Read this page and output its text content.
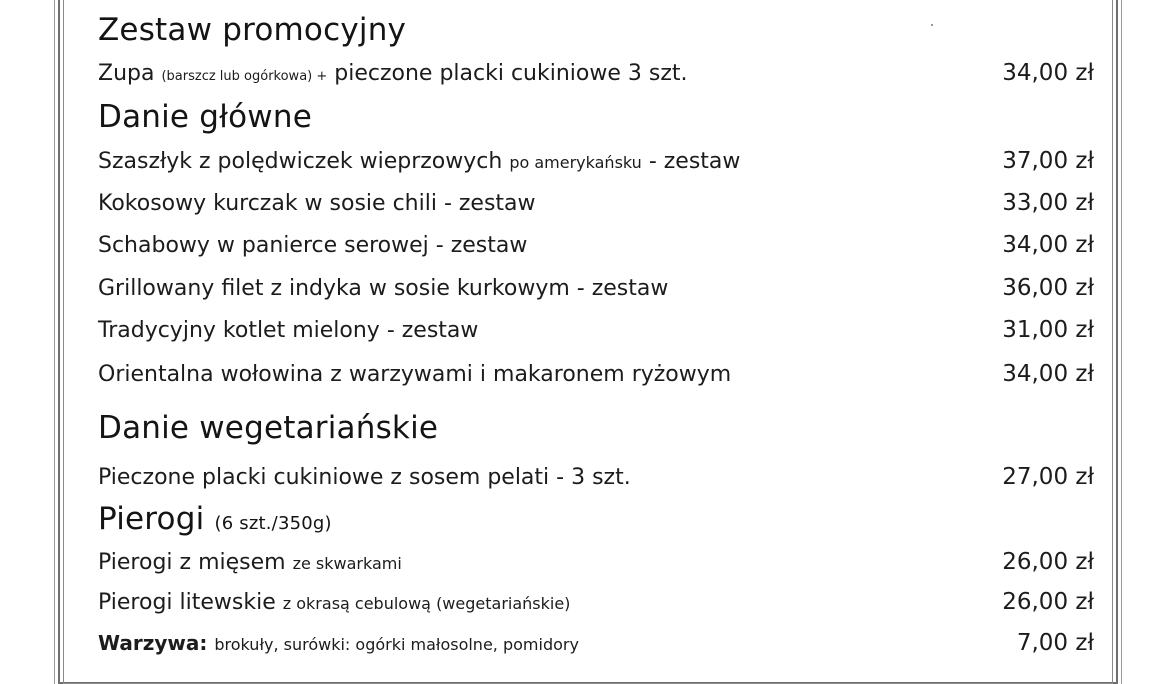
Zestaw promocyjny
Zupa (barszcz lub ogórkowa) + pieczone placki cukiniowe 3 szt.	34,00 zł
Danie główne
Szaszłyk z polędwiczek wieprzowych po amerykańsku - zestaw	37,00 zł
Kokosowy kurczak w sosie chili - zestaw	33,00 zł
Schabowy w panierce serowej - zestaw	34,00 zł
Grillowany filet z indyka w sosie kurkowym - zestaw	36,00 zł
Tradycyjny kotlet mielony - zestaw	31,00 zł
Orientalna wołowina z warzywami i makaronem ryżowym	34,00 zł
Danie wegetariańskie
Pieczone placki cukiniowe z sosem pelati - 3 szt.	27,00 zł
Pierogi (6 szt./350g)
Pierogi z mięsem ze skwarkami	26,00 zł
Pierogi litewskie z okrasą cebulową (wegetariańskie)	26,00 zł
Warzywa: brokuły, surówki: ogórki małosolne, pomidory	7,00 zł
